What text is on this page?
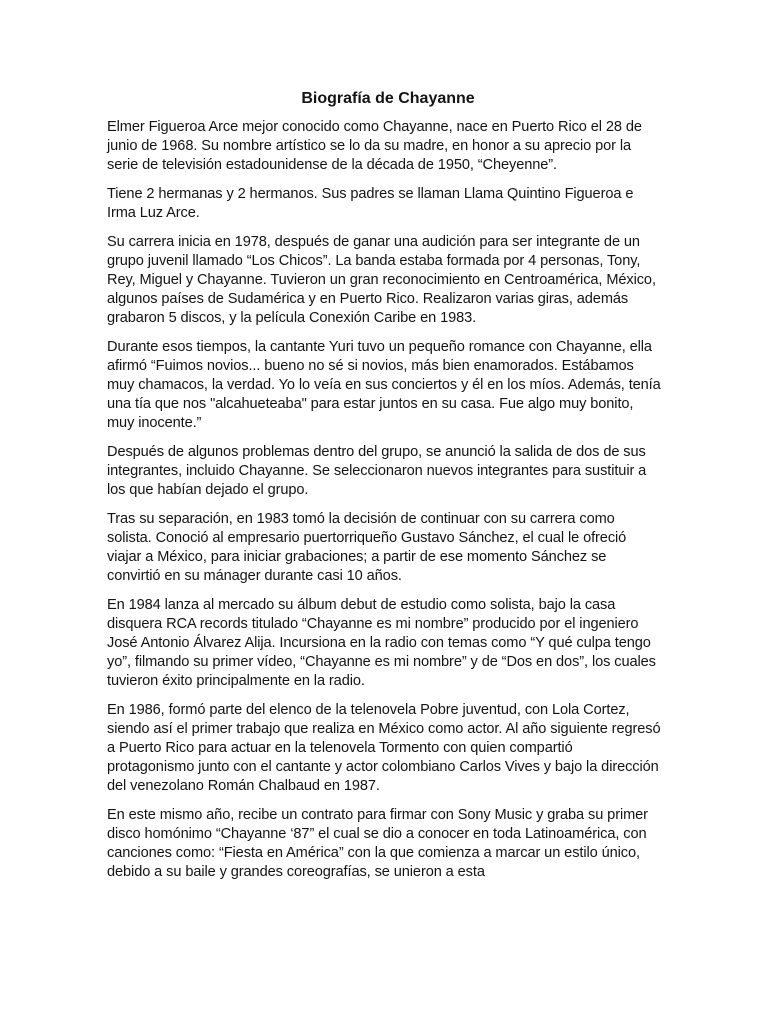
Biografía de Chayanne

Elmer Figueroa Arce mejor conocido como Chayanne, nace en Puerto Rico el 28 de junio de 1968. Su nombre artístico se lo da su madre, en honor a su aprecio por la serie de televisión estadounidense de la década de 1950, “Cheyenne”.

Tiene 2 hermanas y 2 hermanos. Sus padres se llaman Llama Quintino Figueroa e Irma Luz Arce.

Su carrera inicia en 1978, después de ganar una audición para ser integrante de un grupo juvenil llamado “Los Chicos”. La banda estaba formada por 4 personas, Tony, Rey, Miguel y Chayanne. Tuvieron un gran reconocimiento en Centroamérica, México, algunos países de Sudamérica y en Puerto Rico. Realizaron varias giras, además grabaron 5 discos, y la película Conexión Caribe en 1983.

Durante esos tiempos, la cantante Yuri tuvo un pequeño romance con Chayanne, ella afirmó “Fuimos novios... bueno no sé si novios, más bien enamorados. Estábamos muy chamacos, la verdad. Yo lo veía en sus conciertos y él en los míos. Además, tenía una tía que nos "alcahueteaba" para estar juntos en su casa. Fue algo muy bonito, muy inocente.”

Después de algunos problemas dentro del grupo, se anunció la salida de dos de sus integrantes, incluido Chayanne. Se seleccionaron nuevos integrantes para sustituir a los que habían dejado el grupo.

Tras su separación, en 1983 tomó la decisión de continuar con su carrera como solista. Conoció al empresario puertorriqueño Gustavo Sánchez, el cual le ofreció viajar a México, para iniciar grabaciones; a partir de ese momento Sánchez se convirtió en su mánager durante casi 10 años.

En 1984 lanza al mercado su álbum debut de estudio como solista, bajo la casa disquera RCA records titulado “Chayanne es mi nombre” producido por el ingeniero José Antonio Álvarez Alija. Incursiona en la radio con temas como “Y qué culpa tengo yo”, filmando su primer vídeo, “Chayanne es mi nombre” y de “Dos en dos”, los cuales tuvieron éxito principalmente en la radio.

En 1986, formó parte del elenco de la telenovela Pobre juventud, con Lola Cortez, siendo así el primer trabajo que realiza en México como actor. Al año siguiente regresó a Puerto Rico para actuar en la telenovela Tormento con quien compartió protagonismo junto con el cantante y actor colombiano Carlos Vives y bajo la dirección del venezolano Román Chalbaud en 1987.

En este mismo año, recibe un contrato para firmar con Sony Music y graba su primer disco homónimo “Chayanne ‘87” el cual se dio a conocer en toda Latinoamérica, con canciones como: “Fiesta en América” con la que comienza a marcar un estilo único, debido a su baile y grandes coreografías, se unieron a esta
